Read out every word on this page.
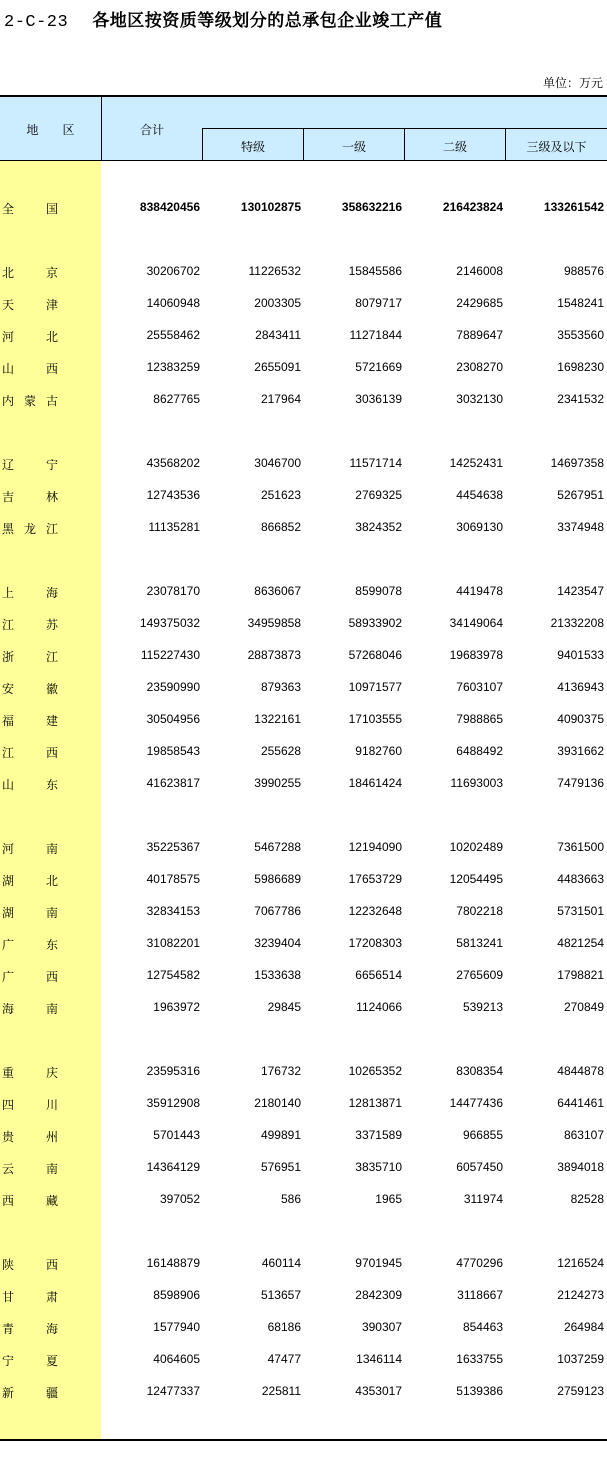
2-C-23 各地区按资质等级划分的总承包企业竣工产值
单位：万元
地　　区	合计
特级	一级	二级	三级及以下
全	国	838420456	130102875	358632216	216423824	133261542
北	京	30206702	11226532	15845586	2146008	988576
天	津	14060948	2003305	8079717	2429685	1548241
河	北	25558462	2843411	11271844	7889647	3553560
山	西	12383259	2655091	5721669	2308270	1698230
内 蒙 古	8627765	217964	3036139	3032130	2341532
辽	宁	43568202	3046700	11571714	14252431	14697358
吉	林	12743536	251623	2769325	4454638	5267951
黑 龙 江	11135281	866852	3824352	3069130	3374948
上	海	23078170	8636067	8599078	4419478	1423547
江	苏	149375032	34959858	58933902	34149064	21332208
浙	江	115227430	28873873	57268046	19683978	9401533
安	徽	23590990	879363	10971577	7603107	4136943
福	建	30504956	1322161	17103555	7988865	4090375
江	西	19858543	255628	9182760	6488492	3931662
山	东	41623817	3990255	18461424	11693003	7479136
河	南	35225367	5467288	12194090	10202489	7361500
湖	北	40178575	5986689	17653729	12054495	4483663
湖	南	32834153	7067786	12232648	7802218	5731501
广	东	31082201	3239404	17208303	5813241	4821254
广	西	12754582	1533638	6656514	2765609	1798821
海	南	1963972	29845	1124066	539213	270849
重	庆	23595316	176732	10265352	8308354	4844878
四	川	35912908	2180140	12813871	14477436	6441461
贵	州	5701443	499891	3371589	966855	863107
云	南	14364129	576951	3835710	6057450	3894018
西	藏	397052	586	1965	311974	82528
陕	西	16148879	460114	9701945	4770296	1216524
甘	肃	8598906	513657	2842309	3118667	2124273
青	海	1577940	68186	390307	854463	264984
宁	夏	4064605	47477	1346114	1633755	1037259
新	疆	12477337	225811	4353017	5139386	2759123
